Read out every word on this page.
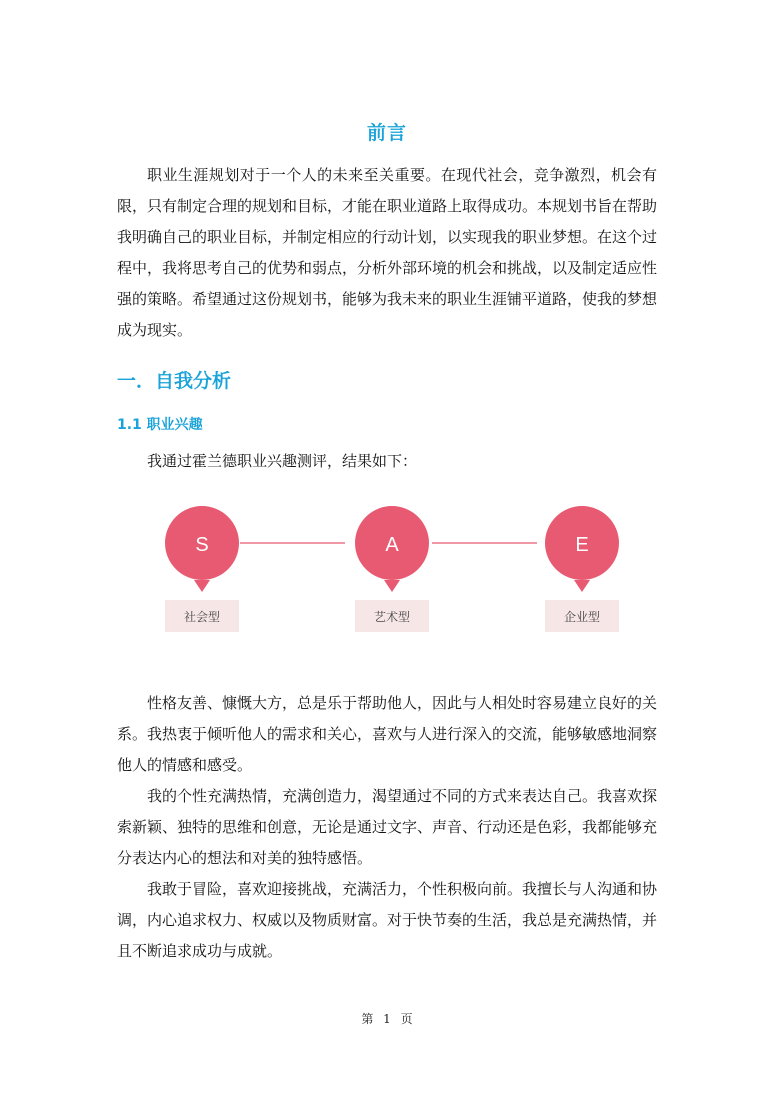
前言

职业生涯规划对于一个人的未来至关重要。在现代社会，竞争激烈，机会有限，只有制定合理的规划和目标，才能在职业道路上取得成功。本规划书旨在帮助我明确自己的职业目标，并制定相应的行动计划，以实现我的职业梦想。在这个过程中，我将思考自己的优势和弱点，分析外部环境的机会和挑战，以及制定适应性强的策略。希望通过这份规划书，能够为我未来的职业生涯铺平道路，使我的梦想成为现实。

一．自我分析
1.1 职业兴趣

我通过霍兰德职业兴趣测评，结果如下：

S
社会型
A
艺术型
E
企业型

性格友善、慷慨大方，总是乐于帮助他人，因此与人相处时容易建立良好的关系。我热衷于倾听他人的需求和关心，喜欢与人进行深入的交流，能够敏感地洞察他人的情感和感受。

我的个性充满热情，充满创造力，渴望通过不同的方式来表达自己。我喜欢探索新颖、独特的思维和创意，无论是通过文字、声音、行动还是色彩，我都能够充分表达内心的想法和对美的独特感悟。

我敢于冒险，喜欢迎接挑战，充满活力，个性积极向前。我擅长与人沟通和协调，内心追求权力、权威以及物质财富。对于快节奏的生活，我总是充满热情，并且不断追求成功与成就。

第 1 页
